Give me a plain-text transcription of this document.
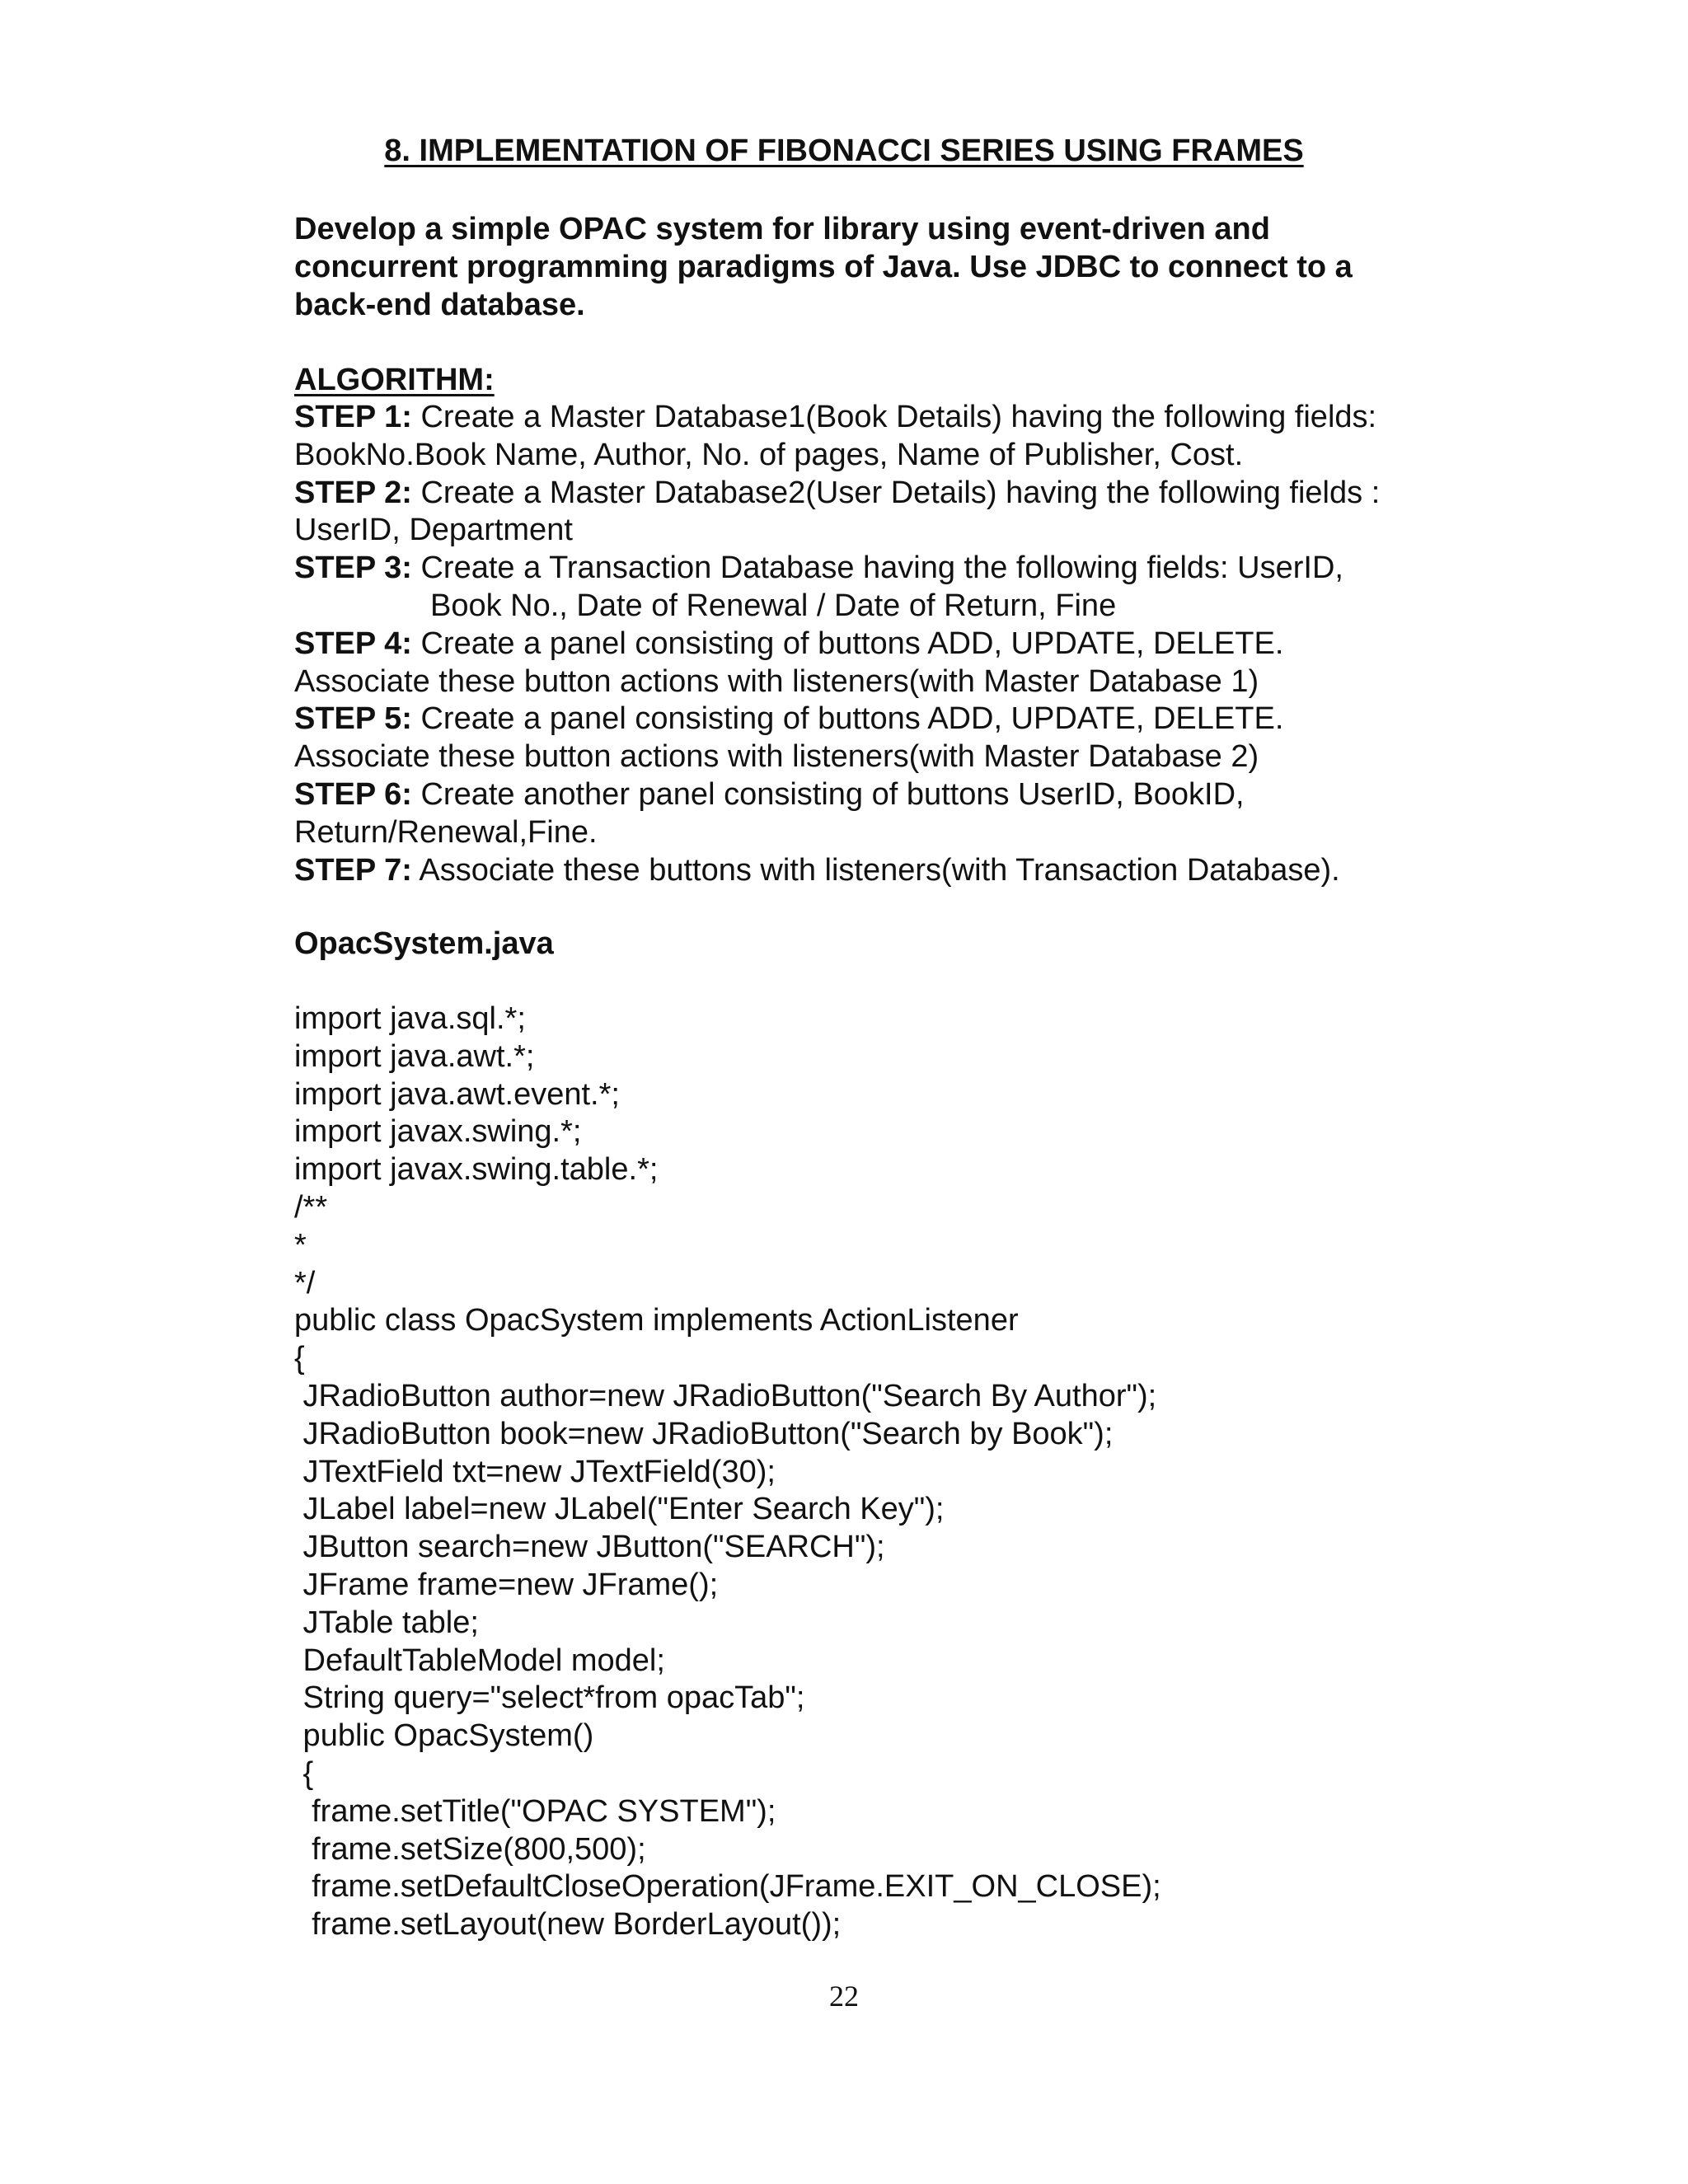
8. IMPLEMENTATION OF FIBONACCI SERIES USING FRAMES
Develop a simple OPAC system for library using event-driven and
concurrent programming paradigms of Java. Use JDBC to connect to a
back-end database.
ALGORITHM:
STEP 1: Create a Master Database1(Book Details) having the following fields:
BookNo.Book Name, Author, No. of pages, Name of Publisher, Cost.
STEP 2: Create a Master Database2(User Details) having the following fields :
UserID, Department
STEP 3: Create a Transaction Database having the following fields: UserID,
Book No., Date of Renewal / Date of Return, Fine
STEP 4: Create a panel consisting of buttons ADD, UPDATE, DELETE.
Associate these button actions with listeners(with Master Database 1)
STEP 5: Create a panel consisting of buttons ADD, UPDATE, DELETE.
Associate these button actions with listeners(with Master Database 2)
STEP 6: Create another panel consisting of buttons UserID, BookID,
Return/Renewal,Fine.
STEP 7: Associate these buttons with listeners(with Transaction Database).
OpacSystem.java
import java.sql.*;
import java.awt.*;
import java.awt.event.*;
import javax.swing.*;
import javax.swing.table.*;
/**
*
*/
public class OpacSystem implements ActionListener
{
JRadioButton author=new JRadioButton("Search By Author");
JRadioButton book=new JRadioButton("Search by Book");
JTextField txt=new JTextField(30);
JLabel label=new JLabel("Enter Search Key");
JButton search=new JButton("SEARCH");
JFrame frame=new JFrame();
JTable table;
DefaultTableModel model;
String query="select*from opacTab";
public OpacSystem()
{
frame.setTitle("OPAC SYSTEM");
frame.setSize(800,500);
frame.setDefaultCloseOperation(JFrame.EXIT_ON_CLOSE);
frame.setLayout(new BorderLayout());
22
